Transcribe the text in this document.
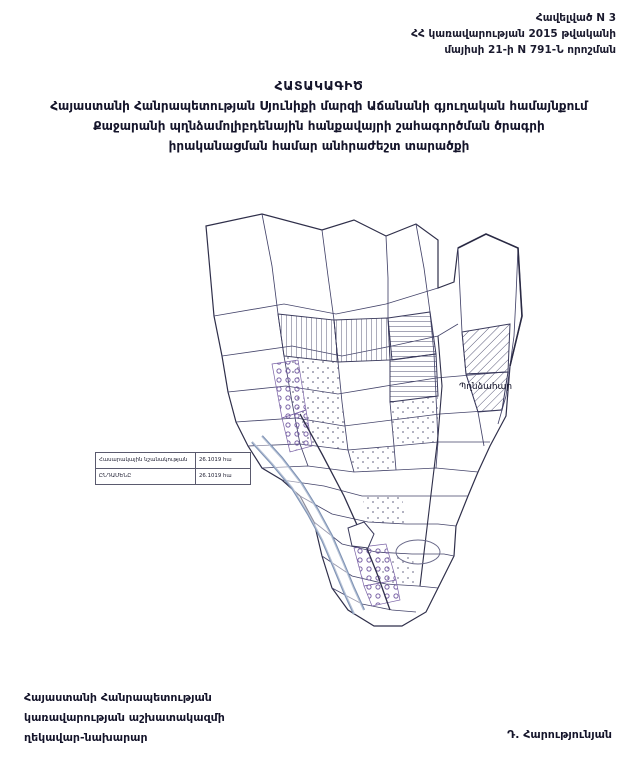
Հավելված N 3
ՀՀ կառավարության 2015 թվականի
մայիսի 21-ի N 791-Ն որոշման
ՀԱՏԱԿԱԳԻԾ
Հայաստանի Հանրապետության Սյունիքի մարզի Աճանանի գյուղական համայնքում
Քաջարանի պղնձամոլիբդենային հանքավայրի շահագործման ծրագրի
իրականացման համար անհրաժեշտ տարածքի
Պղնձահար
Հասարակային նշանակության	26.1019 հա
ԸՆԴԱՄԵՆԸ	26.1019 հա
Հայաստանի Հանրապետության
կառավարության աշխատակազմի
ղեկավար-նախարար	Դ. Հարությունյան
